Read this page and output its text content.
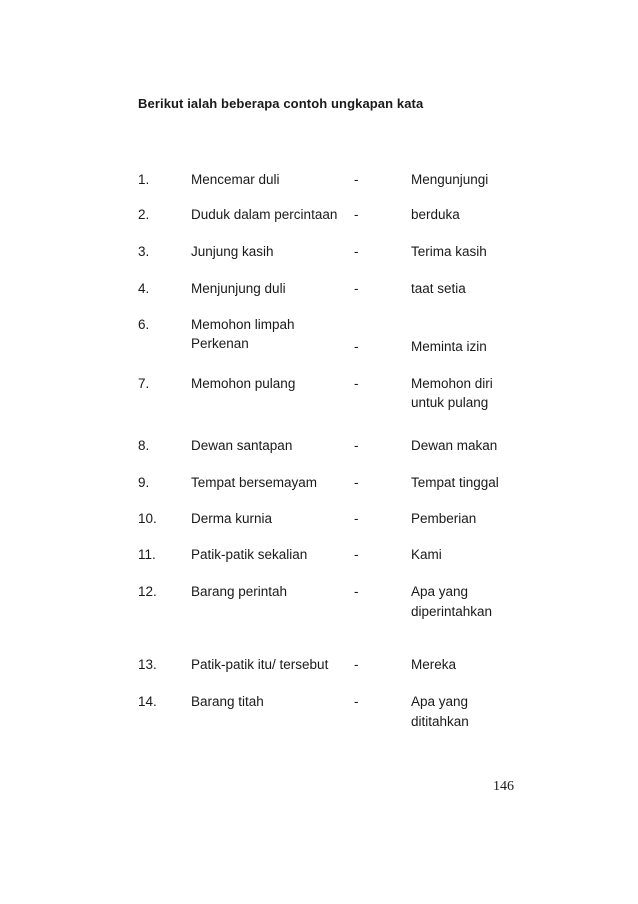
Berikut ialah beberapa contoh ungkapan kata
1.	Mencemar duli	-	Mengunjungi
2.	Duduk dalam percintaan -	berduka
3.	Junjung kasih	-	Terima kasih
4.	Menjunjung duli	-	taat setia
6.	Memohon limpah
Perkenan	-	Meminta izin
7.	Memohon pulang	-	Memohon diri
untuk pulang
8.	Dewan santapan	-	Dewan makan
9.	Tempat bersemayam	-	Tempat tinggal
10.	Derma kurnia	-	Pemberian
11.	Patik-patik sekalian	-	Kami
12.	Barang perintah	-	Apa yang
diperintahkan
13.	Patik-patik itu/ tersebut -	Mereka
14.	Barang titah	-	Apa yang
dititahkan
146
